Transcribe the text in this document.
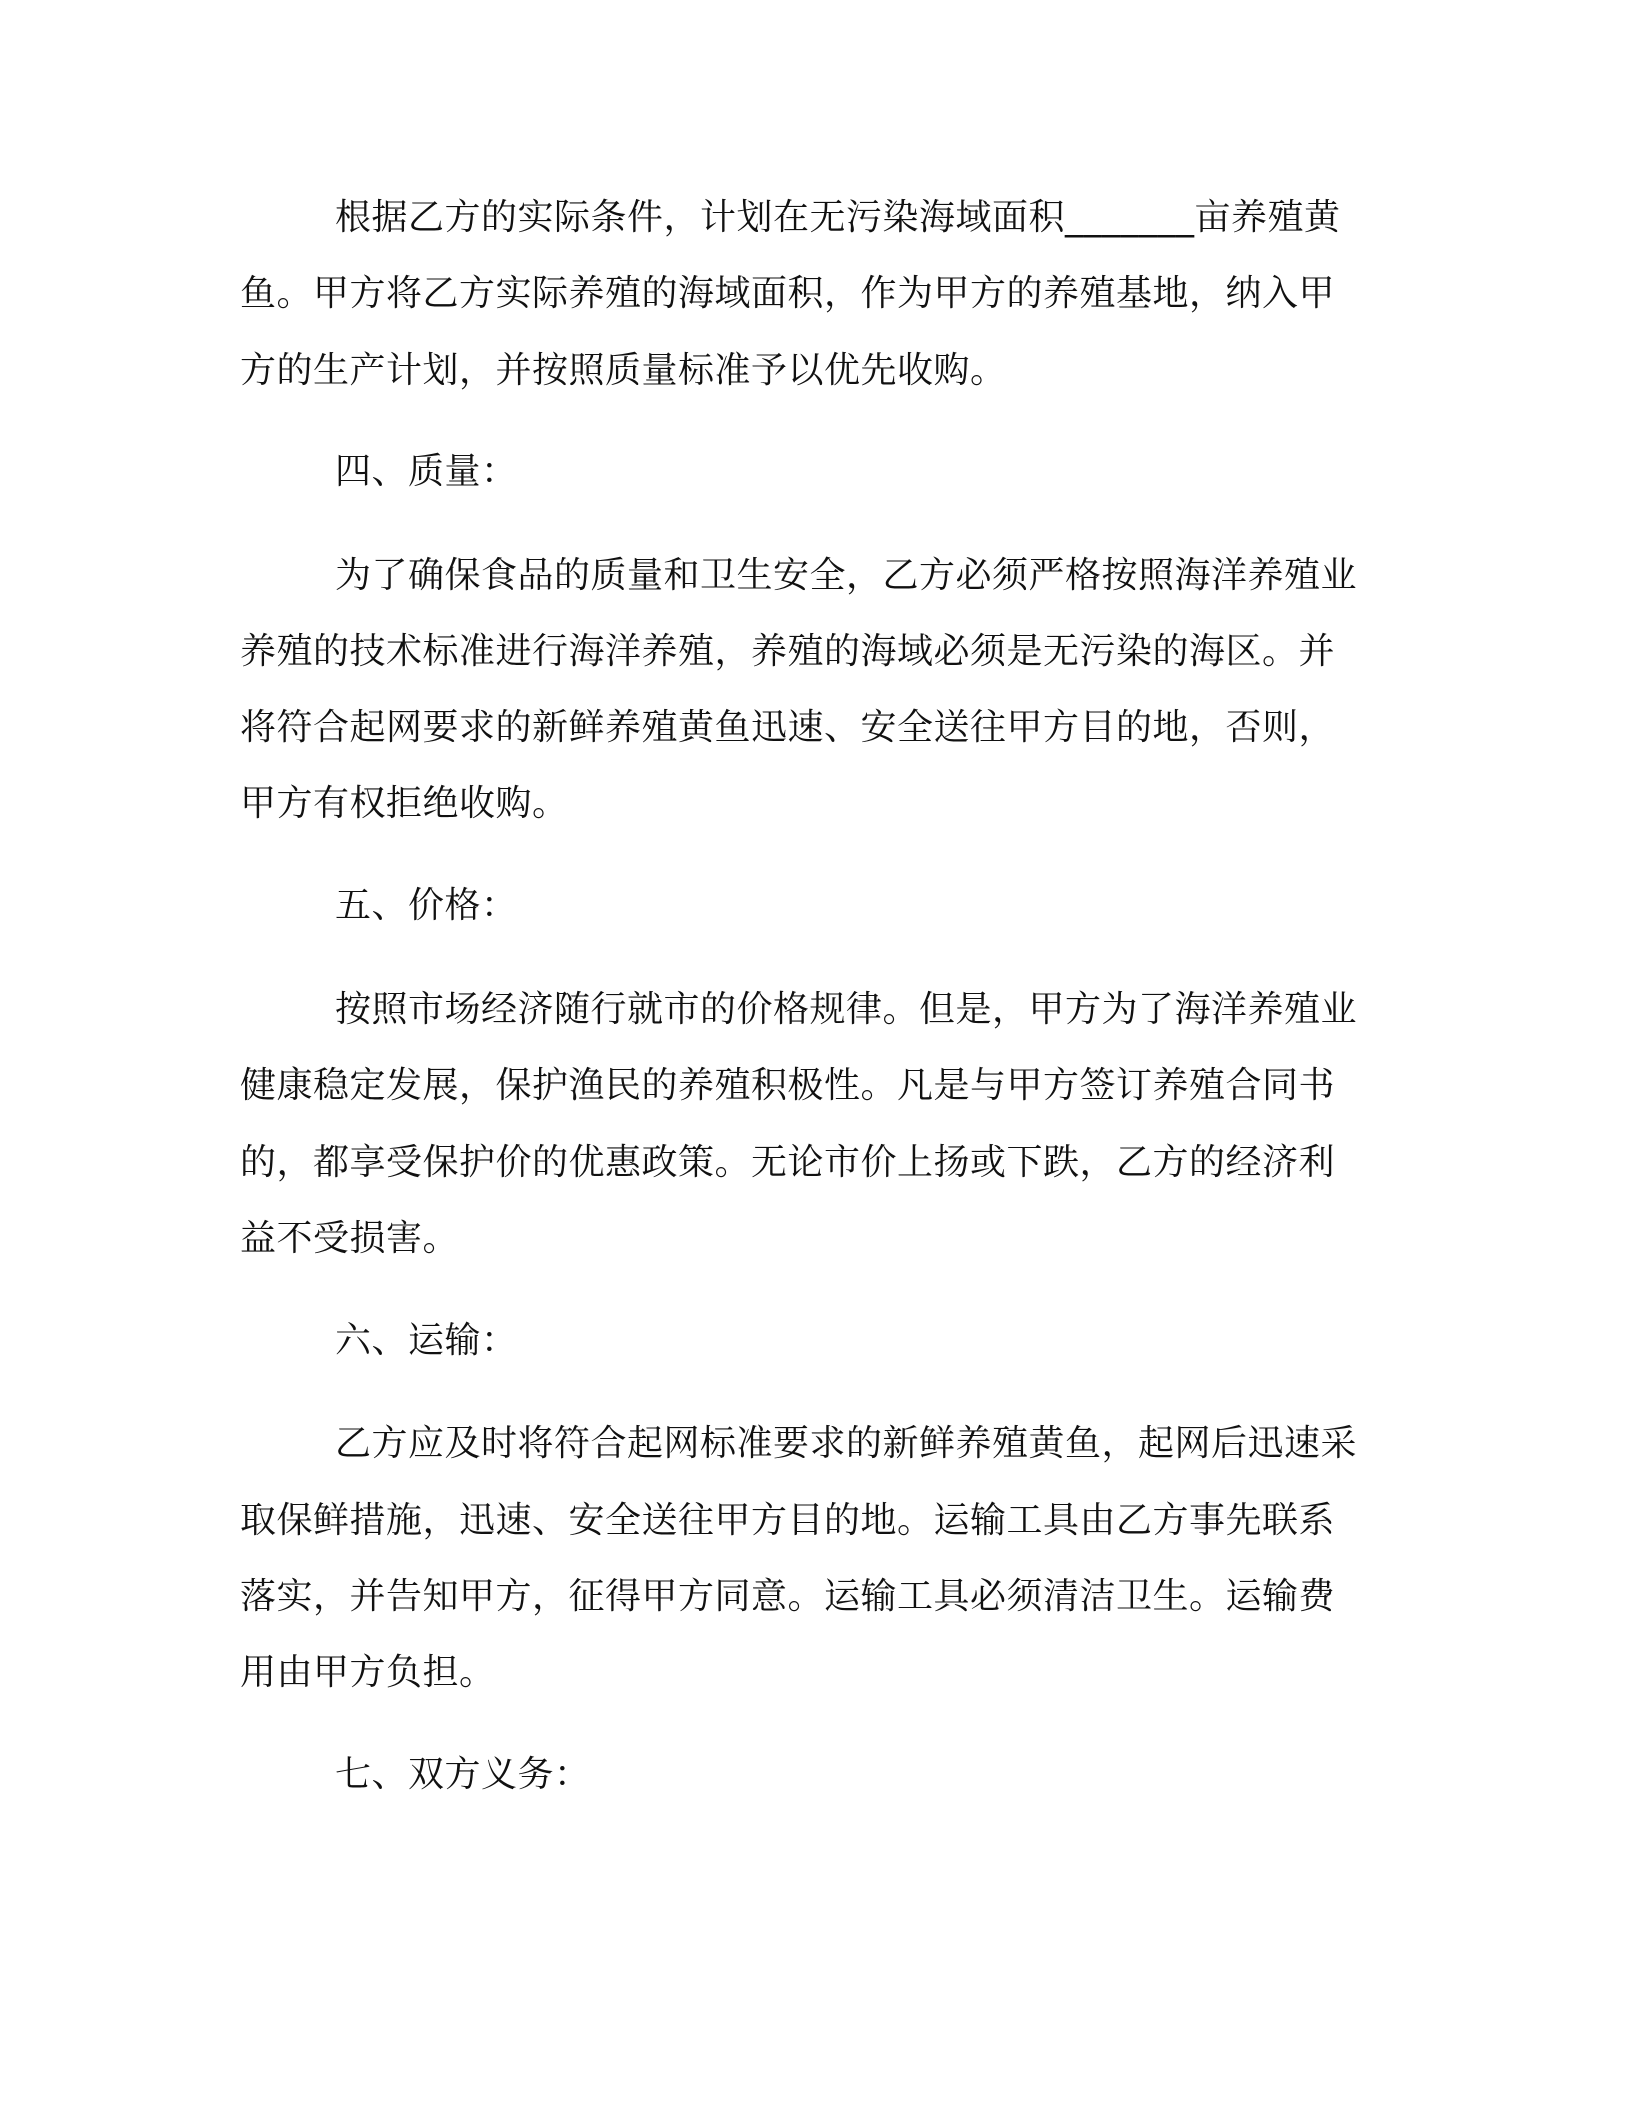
根据乙方的实际条件，计划在无污染海域面积_______亩养殖黄
鱼。甲方将乙方实际养殖的海域面积，作为甲方的养殖基地，纳入甲
方的生产计划，并按照质量标准予以优先收购。
四、质量：
为了确保食品的质量和卫生安全，乙方必须严格按照海洋养殖业
养殖的技术标准进行海洋养殖，养殖的海域必须是无污染的海区。并
将符合起网要求的新鲜养殖黄鱼迅速、安全送往甲方目的地，否则，
甲方有权拒绝收购。
五、价格：
按照市场经济随行就市的价格规律。但是，甲方为了海洋养殖业
健康稳定发展，保护渔民的养殖积极性。凡是与甲方签订养殖合同书
的，都享受保护价的优惠政策。无论市价上扬或下跌，乙方的经济利
益不受损害。
六、运输：
乙方应及时将符合起网标准要求的新鲜养殖黄鱼，起网后迅速采
取保鲜措施，迅速、安全送往甲方目的地。运输工具由乙方事先联系
落实，并告知甲方，征得甲方同意。运输工具必须清洁卫生。运输费
用由甲方负担。
七、双方义务：
